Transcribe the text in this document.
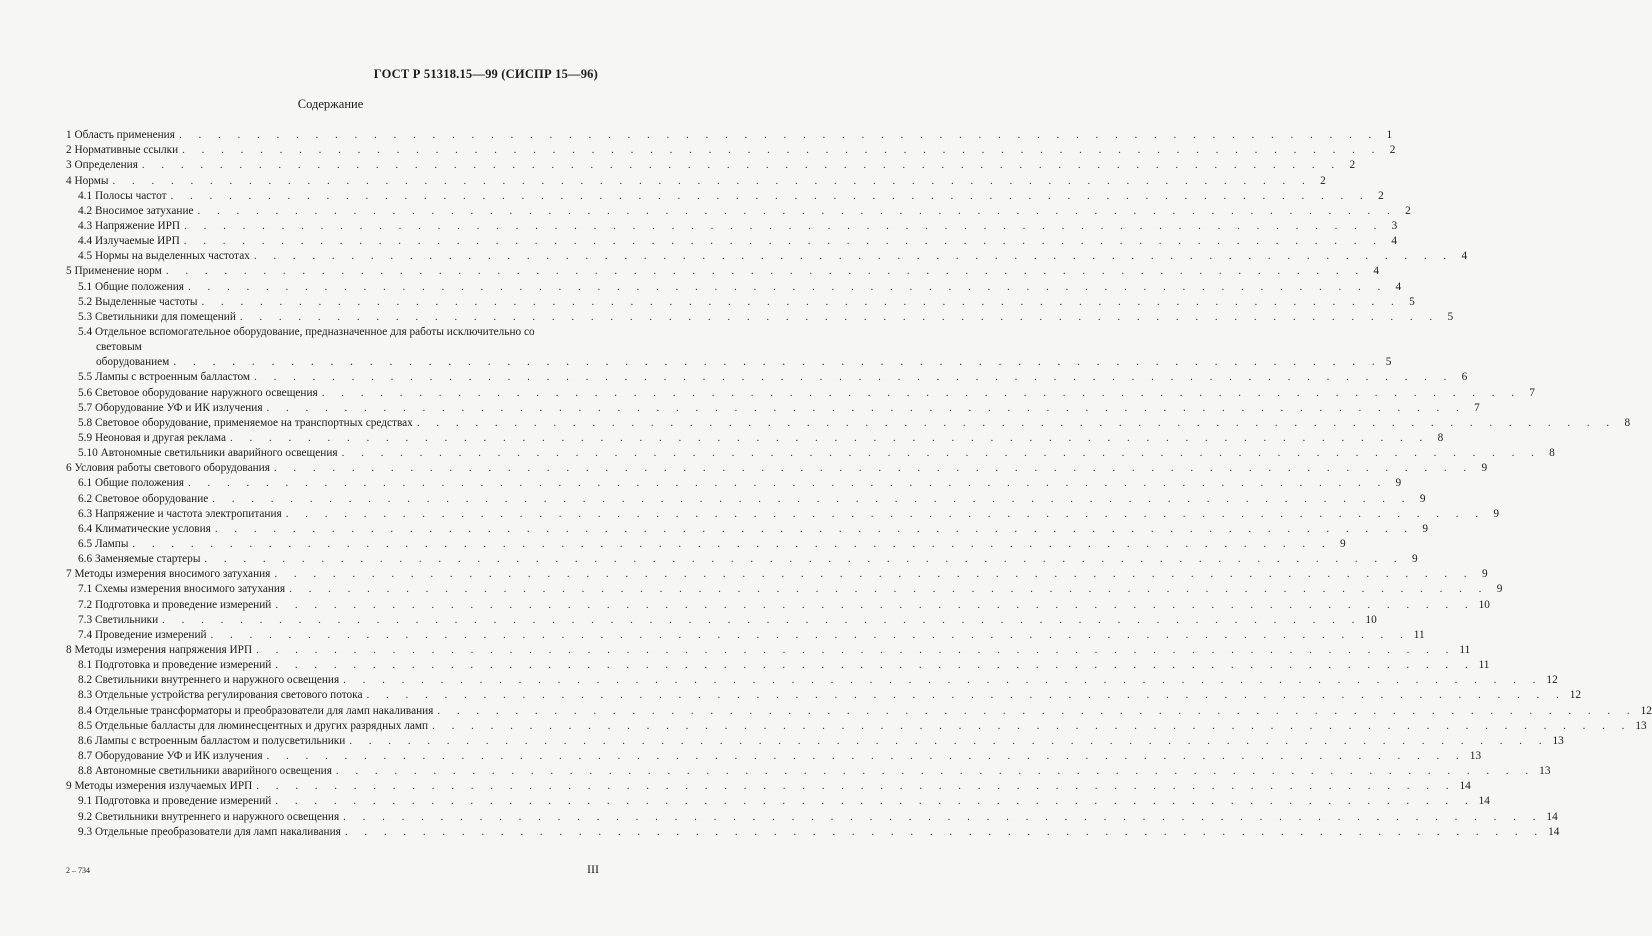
ГОСТ Р 51318.15—99 (СИСПР 15—96)
Содержание
1 Область применения . . . . . . . . . . . . . . . . . . . . . . . . . . . . . . . . . . . . . . . . . . . . . . . . . . . . . . . . . . . . . . 1
2 Нормативные ссылки . . . . . . . . . . . . . . . . . . . . . . . . . . . . . . . . . . . . . . . . . . . . . . . . . . . . . . . . . . . . . . 2
3 Определения . . . . . . . . . . . . . . . . . . . . . . . . . . . . . . . . . . . . . . . . . . . . . . . . . . . . . . . . . . . . . . 2
4 Нормы . . . . . . . . . . . . . . . . . . . . . . . . . . . . . . . . . . . . . . . . . . . . . . . . . . . . . . . . . . . . . . 2
4.1 Полосы частот . . . . . . . . . . . . . . . . . . . . . . . . . . . . . . . . . . . . . . . . . . . . . . . . . . . . . . . . . . . . . . 2
4.2 Вносимое затухание . . . . . . . . . . . . . . . . . . . . . . . . . . . . . . . . . . . . . . . . . . . . . . . . . . . . . . . . . . . . . . 2
4.3 Напряжение ИРП . . . . . . . . . . . . . . . . . . . . . . . . . . . . . . . . . . . . . . . . . . . . . . . . . . . . . . . . . . . . . . 3
4.4 Излучаемые ИРП . . . . . . . . . . . . . . . . . . . . . . . . . . . . . . . . . . . . . . . . . . . . . . . . . . . . . . . . . . . . . . 4
4.5 Нормы на выделенных частотах . . . . . . . . . . . . . . . . . . . . . . . . . . . . . . . . . . . . . . . . . . . . . . . . . . . . . . . . . . . . . . 4
5 Применение норм . . . . . . . . . . . . . . . . . . . . . . . . . . . . . . . . . . . . . . . . . . . . . . . . . . . . . . . . . . . . . . 4
5.1 Общие положения . . . . . . . . . . . . . . . . . . . . . . . . . . . . . . . . . . . . . . . . . . . . . . . . . . . . . . . . . . . . . . 4
5.2 Выделенные частоты . . . . . . . . . . . . . . . . . . . . . . . . . . . . . . . . . . . . . . . . . . . . . . . . . . . . . . . . . . . . . . 5
5.3 Светильники для помещений . . . . . . . . . . . . . . . . . . . . . . . . . . . . . . . . . . . . . . . . . . . . . . . . . . . . . . . . . . . . . . 5
5.4 Отдельное вспомогательное оборудование, предназначенное для работы исключительно со
световым оборудованием . . . . . . . . . . . . . . . . . . . . . . . . . . . . . . . . . . . . . . . . . . . . . . . . . . . . . . . . . . . . . . 5
5.5 Лампы с встроенным балластом . . . . . . . . . . . . . . . . . . . . . . . . . . . . . . . . . . . . . . . . . . . . . . . . . . . . . . . . . . . . . . 6
5.6 Световое оборудование наружного освещения . . . . . . . . . . . . . . . . . . . . . . . . . . . . . . . . . . . . . . . . . . . . . . . . . . . . . . . . . . . . . . 7
5.7 Оборудование УФ и ИК излучения . . . . . . . . . . . . . . . . . . . . . . . . . . . . . . . . . . . . . . . . . . . . . . . . . . . . . . . . . . . . . . 7
5.8 Световое оборудование, применяемое на транспортных средствах . . . . . . . . . . . . . . . . . . . . . . . . . . . . . . . . . . . . . . . . . . . . . . . . . . . . . . . . . . . . . . 8
5.9 Неоновая и другая реклама . . . . . . . . . . . . . . . . . . . . . . . . . . . . . . . . . . . . . . . . . . . . . . . . . . . . . . . . . . . . . . 8
5.10 Автономные светильники аварийного освещения . . . . . . . . . . . . . . . . . . . . . . . . . . . . . . . . . . . . . . . . . . . . . . . . . . . . . . . . . . . . . . 8
6 Условия работы светового оборудования . . . . . . . . . . . . . . . . . . . . . . . . . . . . . . . . . . . . . . . . . . . . . . . . . . . . . . . . . . . . . . 9
6.1 Общие положения . . . . . . . . . . . . . . . . . . . . . . . . . . . . . . . . . . . . . . . . . . . . . . . . . . . . . . . . . . . . . . 9
6.2 Световое оборудование . . . . . . . . . . . . . . . . . . . . . . . . . . . . . . . . . . . . . . . . . . . . . . . . . . . . . . . . . . . . . . 9
6.3 Напряжение и частота электропитания . . . . . . . . . . . . . . . . . . . . . . . . . . . . . . . . . . . . . . . . . . . . . . . . . . . . . . . . . . . . . . 9
6.4 Климатические условия . . . . . . . . . . . . . . . . . . . . . . . . . . . . . . . . . . . . . . . . . . . . . . . . . . . . . . . . . . . . . . 9
6.5 Лампы . . . . . . . . . . . . . . . . . . . . . . . . . . . . . . . . . . . . . . . . . . . . . . . . . . . . . . . . . . . . . . 9
6.6 Заменяемые стартеры . . . . . . . . . . . . . . . . . . . . . . . . . . . . . . . . . . . . . . . . . . . . . . . . . . . . . . . . . . . . . . 9
7 Методы измерения вносимого затухания . . . . . . . . . . . . . . . . . . . . . . . . . . . . . . . . . . . . . . . . . . . . . . . . . . . . . . . . . . . . . . 9
7.1 Схемы измерения вносимого затухания . . . . . . . . . . . . . . . . . . . . . . . . . . . . . . . . . . . . . . . . . . . . . . . . . . . . . . . . . . . . . . 9
7.2 Подготовка и проведение измерений . . . . . . . . . . . . . . . . . . . . . . . . . . . . . . . . . . . . . . . . . . . . . . . . . . . . . . . . . . . . . . 10
7.3 Светильники . . . . . . . . . . . . . . . . . . . . . . . . . . . . . . . . . . . . . . . . . . . . . . . . . . . . . . . . . . . . . . 10
7.4 Проведение измерений . . . . . . . . . . . . . . . . . . . . . . . . . . . . . . . . . . . . . . . . . . . . . . . . . . . . . . . . . . . . . . 11
8 Методы измерения напряжения ИРП . . . . . . . . . . . . . . . . . . . . . . . . . . . . . . . . . . . . . . . . . . . . . . . . . . . . . . . . . . . . . . 11
8.1 Подготовка и проведение измерений . . . . . . . . . . . . . . . . . . . . . . . . . . . . . . . . . . . . . . . . . . . . . . . . . . . . . . . . . . . . . . 11
8.2 Светильники внутреннего и наружного освещения . . . . . . . . . . . . . . . . . . . . . . . . . . . . . . . . . . . . . . . . . . . . . . . . . . . . . . . . . . . . . . 12
8.3 Отдельные устройства регулирования светового потока . . . . . . . . . . . . . . . . . . . . . . . . . . . . . . . . . . . . . . . . . . . . . . . . . . . . . . . . . . . . . . 12
8.4 Отдельные трансформаторы и преобразователи для ламп накаливания . . . . . . . . . . . . . . . . . . . . . . . . . . . . . . . . . . . . . . . . . . . . . . . . . . . . . . . . . . . . . . 12
8.5 Отдельные балласты для люминесцентных и других разрядных ламп . . . . . . . . . . . . . . . . . . . . . . . . . . . . . . . . . . . . . . . . . . . . . . . . . . . . . . . . . . . . . . 13
8.6 Лампы с встроенным балластом и полусветильники . . . . . . . . . . . . . . . . . . . . . . . . . . . . . . . . . . . . . . . . . . . . . . . . . . . . . . . . . . . . . . 13
8.7 Оборудование УФ и ИК излучения . . . . . . . . . . . . . . . . . . . . . . . . . . . . . . . . . . . . . . . . . . . . . . . . . . . . . . . . . . . . . . 13
8.8 Автономные светильники аварийного освещения . . . . . . . . . . . . . . . . . . . . . . . . . . . . . . . . . . . . . . . . . . . . . . . . . . . . . . . . . . . . . . 13
9 Методы измерения излучаемых ИРП . . . . . . . . . . . . . . . . . . . . . . . . . . . . . . . . . . . . . . . . . . . . . . . . . . . . . . . . . . . . . . 14
9.1 Подготовка и проведение измерений . . . . . . . . . . . . . . . . . . . . . . . . . . . . . . . . . . . . . . . . . . . . . . . . . . . . . . . . . . . . . . 14
9.2 Светильники внутреннего и наружного освещения . . . . . . . . . . . . . . . . . . . . . . . . . . . . . . . . . . . . . . . . . . . . . . . . . . . . . . . . . . . . . . 14
9.3 Отдельные преобразователи для ламп накаливания . . . . . . . . . . . . . . . . . . . . . . . . . . . . . . . . . . . . . . . . . . . . . . . . . . . . . . . . . . . . . . 14
2 – 734	III
